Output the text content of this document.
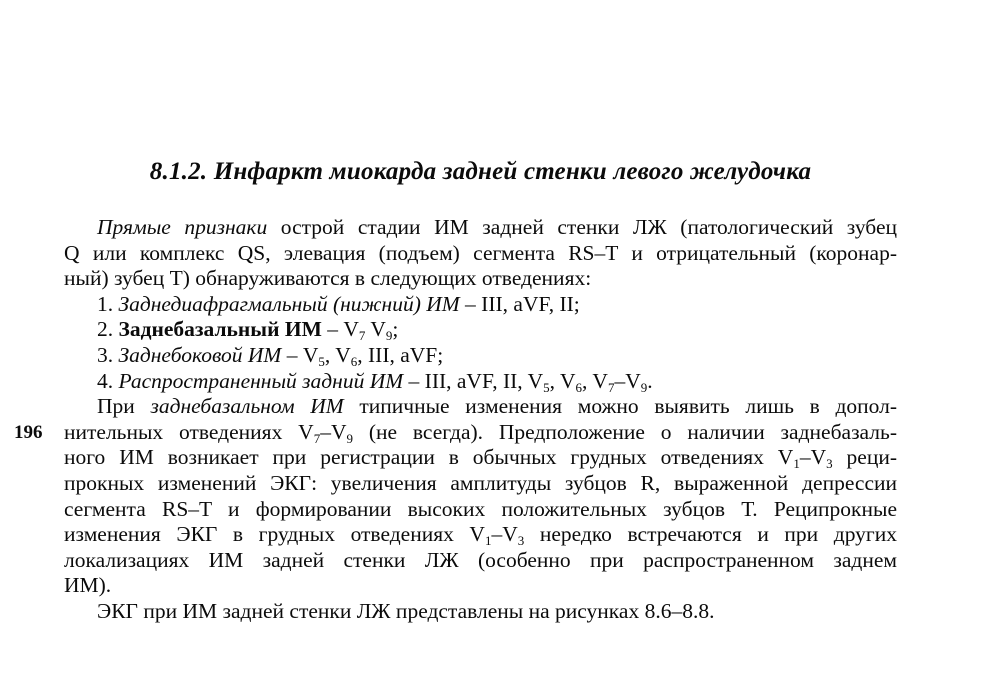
196
8.1.2. Инфаркт миокарда задней стенки левого желудочка
Прямые признаки острой стадии ИМ задней стенки ЛЖ (патологический зубец
Q или комплекс QS, элевация (подъем) сегмента RS–T и отрицательный (коронар-
ный) зубец Т) обнаруживаются в следующих отведениях:
1. Заднедиафрагмальный (нижний) ИМ – III, aVF, II;
2. Заднебазальный ИМ – $V_7$ $V_9$;
3. Заднебоковой ИМ – $V_5$, $V_6$, III, aVF;
4. Распространенный задний ИМ – III, aVF, II, $V_5$, $V_6$, $V_7-V_9$.
При заднебазальном ИМ типичные изменения можно выявить лишь в допол-
нительных отведениях $V_7-V_9$ (не всегда). Предположение о наличии заднебазаль-
ного ИМ возникает при регистрации в обычных грудных отведениях $V_1-V_3$ реци-
прокных изменений ЭКГ: увеличения амплитуды зубцов R, выраженной депрессии
сегмента RS–T и формировании высоких положительных зубцов Т. Реципрокные
изменения ЭКГ в грудных отведениях $V_1-V_3$ нередко встречаются и при других
локализациях ИМ задней стенки ЛЖ (особенно при распространенном заднем
ИМ).
ЭКГ при ИМ задней стенки ЛЖ представлены на рисунках 8.6–8.8.
